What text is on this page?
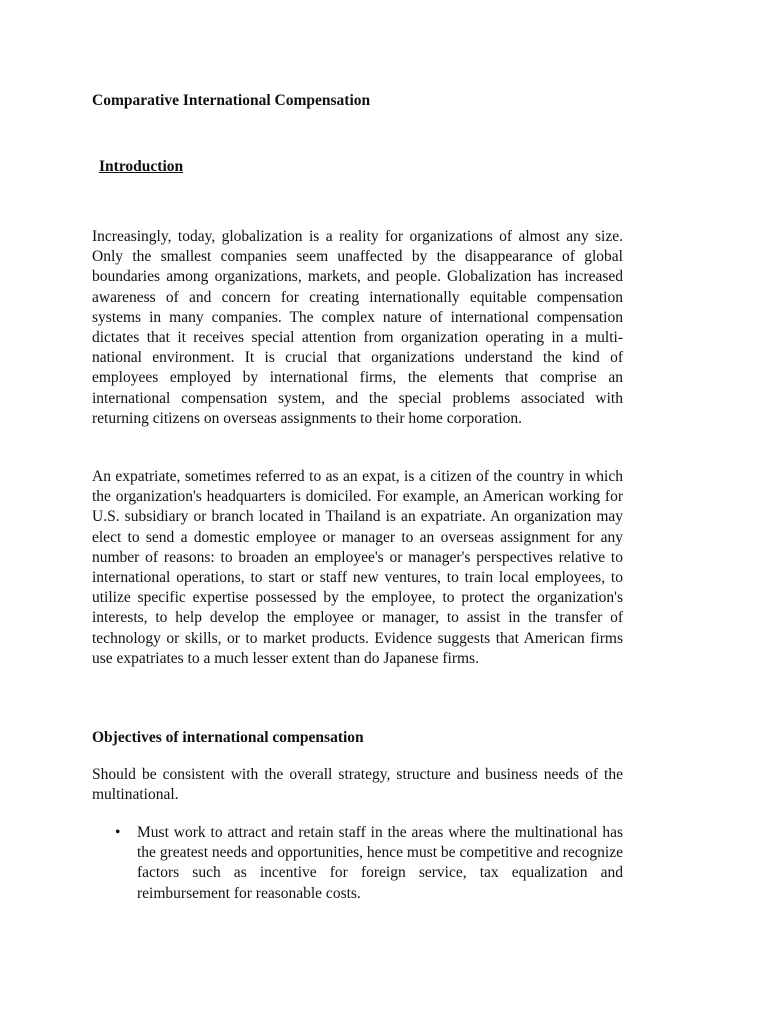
Comparative International Compensation
Introduction

Increasingly, today, globalization is a reality for organizations of almost any size. Only the smallest companies seem unaffected by the disappearance of global boundaries among organizations, markets, and people. Globalization has increased awareness of and concern for creating internationally equitable compensation systems in many companies. The complex nature of international compensation dictates that it receives special attention from organization operating in a multi-national environment. It is crucial that organizations understand the kind of employees employed by international firms, the elements that comprise an international compensation system, and the special problems associated with returning citizens on overseas assignments to their home corporation.

An expatriate, sometimes referred to as an expat, is a citizen of the country in which the organization's headquarters is domiciled. For example, an American working for U.S. subsidiary or branch located in Thailand is an expatriate. An organization may elect to send a domestic employee or manager to an overseas assignment for any number of reasons: to broaden an employee's or manager's perspectives relative to international operations, to start or staff new ventures, to train local employees, to utilize specific expertise possessed by the employee, to protect the organization's interests, to help develop the employee or manager, to assist in the transfer of technology or skills, or to market products. Evidence suggests that American firms use expatriates to a much lesser extent than do Japanese firms.

Objectives of international compensation

Should be consistent with the overall strategy, structure and business needs of the multinational.

• Must work to attract and retain staff in the areas where the multinational has the greatest needs and opportunities, hence must be competitive and recognize factors such as incentive for foreign service, tax equalization and reimbursement for reasonable costs.
